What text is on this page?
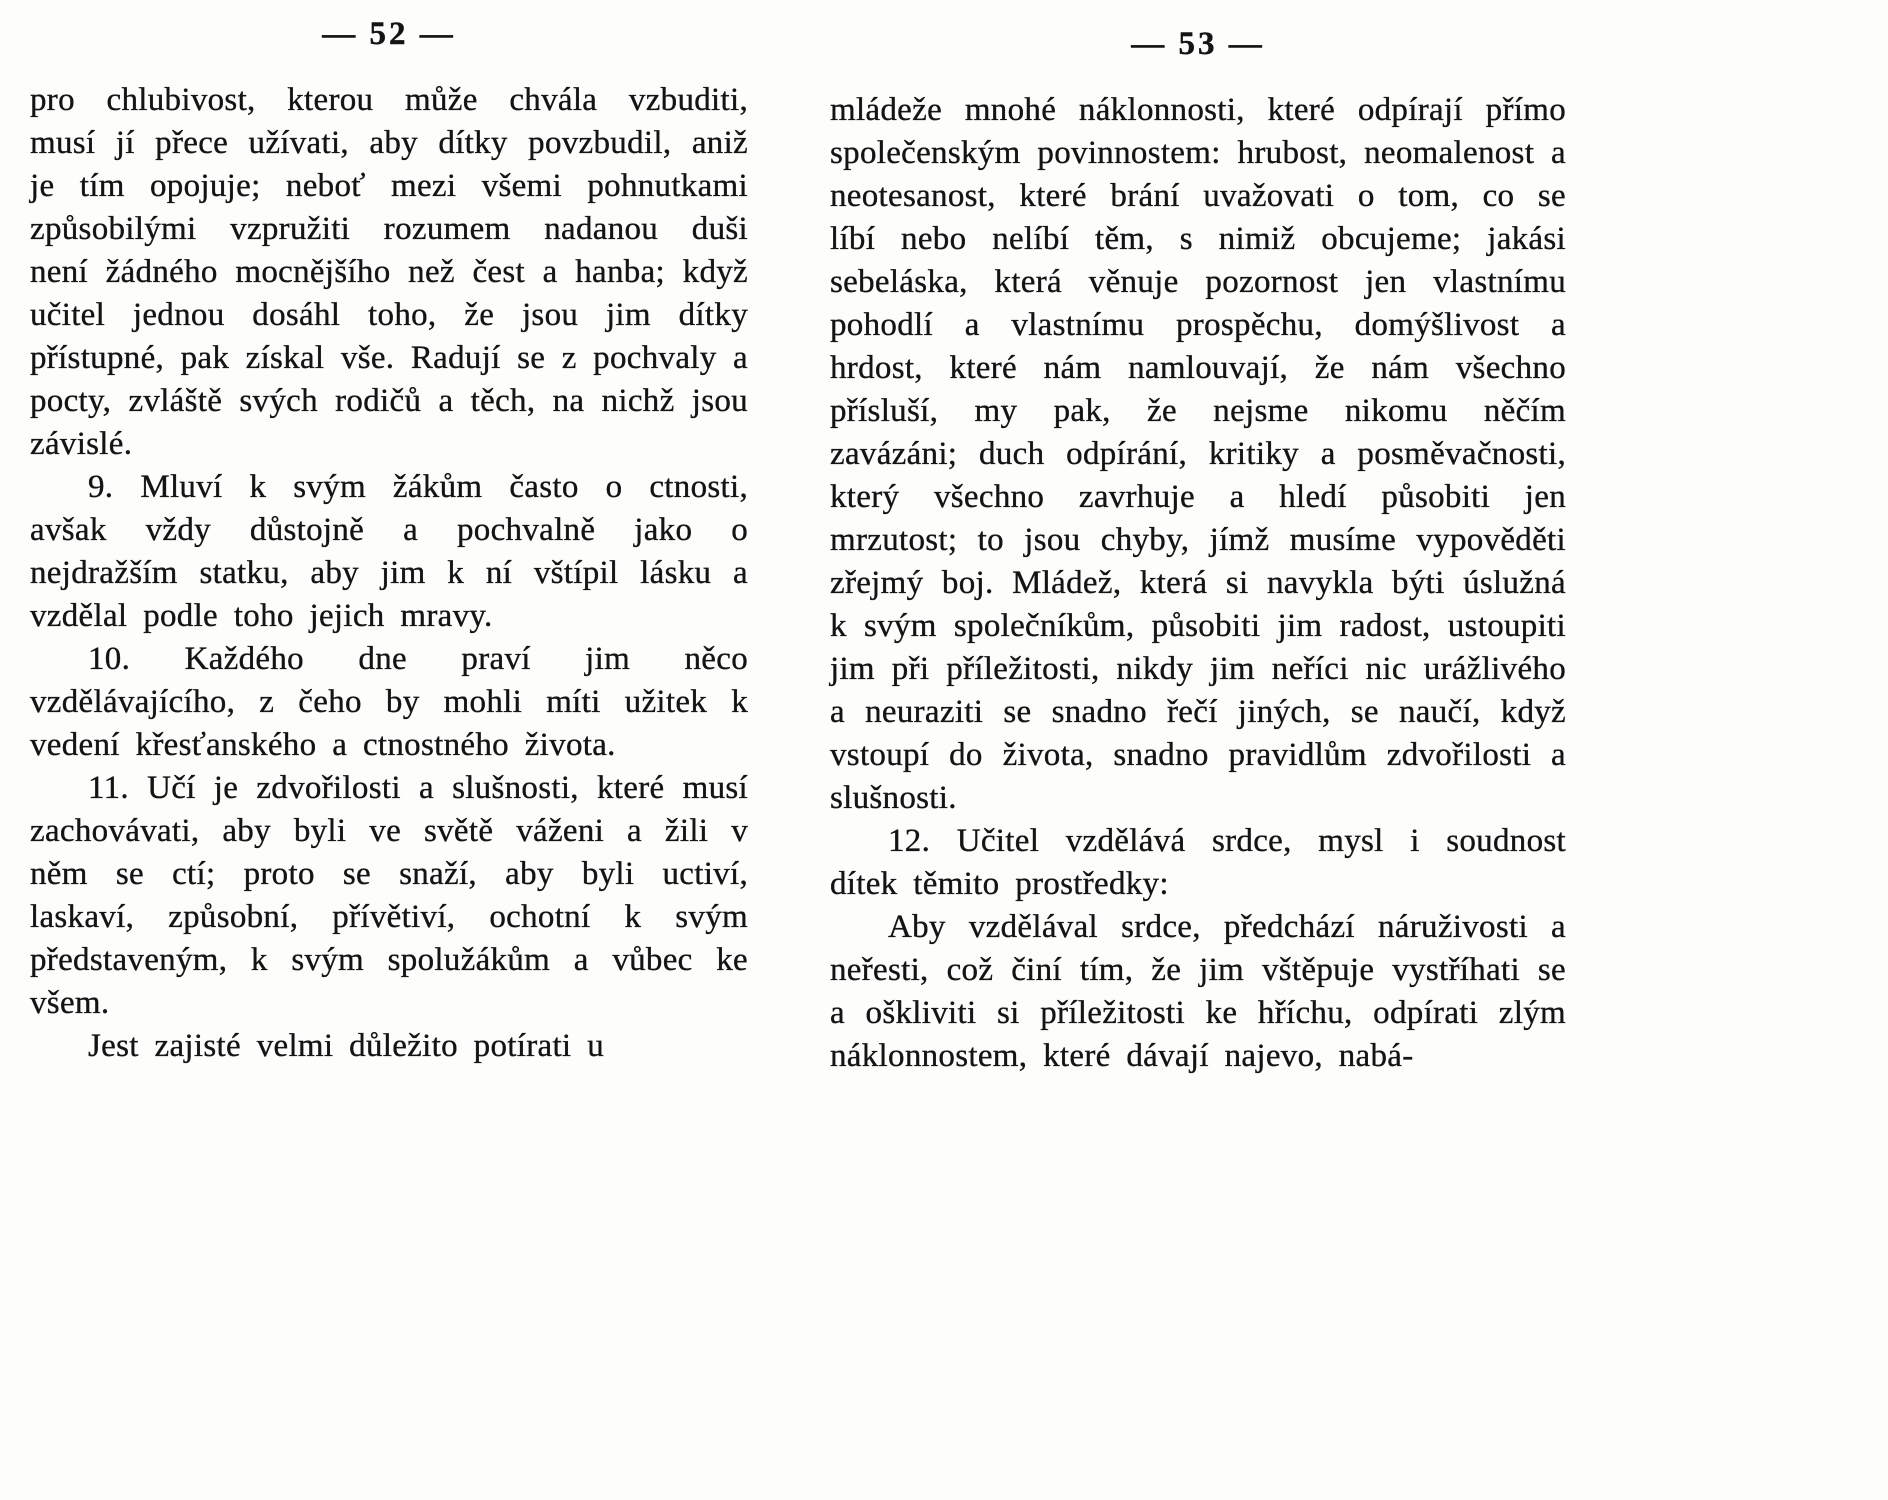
— 52 —

pro chlubivost, kterou může chvála vzbuditi, musí jí přece užívati, aby dítky povzbudil, aniž je tím opojuje; neboť mezi všemi pohnutkami způsobilými vzpružiti rozumem nadanou duši není žádného mocnějšího než čest a hanba; když učitel jednou dosáhl toho, že jsou jim dítky přístupné, pak získal vše. Radují se z pochvaly a pocty, zvláště svých rodičů a těch, na nichž jsou závislé.

9. Mluví k svým žákům často o ctnosti, avšak vždy důstojně a pochvalně jako o nejdražším statku, aby jim k ní vštípil lásku a vzdělal podle toho jejich mravy.

10. Každého dne praví jim něco vzdělávajícího, z čeho by mohli míti užitek k vedení křesťanského a ctnostného života.

11. Učí je zdvořilosti a slušnosti, které musí zachovávati, aby byli ve světě váženi a žili v něm se ctí; proto se snaží, aby byli uctiví, laskaví, způsobní, přívětiví, ochotní k svým představeným, k svým spolužákům a vůbec ke všem.

Jest zajisté velmi důležito potírati u

— 53 —

mládeže mnohé náklonnosti, které odpírají přímo společenským povinnostem: hrubost, neomalenost a neotesanost, které brání uvažovati o tom, co se líbí nebo nelíbí těm, s nimiž obcujeme; jakási sebeláska, která věnuje pozornost jen vlastnímu pohodlí a vlastnímu prospěchu, domýšlivost a hrdost, které nám namlouvají, že nám všechno přísluší, my pak, že nejsme nikomu něčím zavázáni; duch odpírání, kritiky a posměvačnosti, který všechno zavrhuje a hledí působiti jen mrzutost; to jsou chyby, jímž musíme vypověděti zřejmý boj. Mládež, která si navykla býti úslužná k svým společníkům, působiti jim radost, ustoupiti jim při příležitosti, nikdy jim neříci nic urážlivého a neuraziti se snadno řečí jiných, se naučí, když vstoupí do života, snadno pravidlům zdvořilosti a slušnosti.

12. Učitel vzdělává srdce, mysl i soudnost dítek těmito prostředky:

Aby vzdělával srdce, předchází náruživosti a neřesti, což činí tím, že jim vštěpuje vystříhati se a oškliviti si příležitosti ke hříchu, odpírati zlým náklonnostem, které dávají najevo, nabá-
